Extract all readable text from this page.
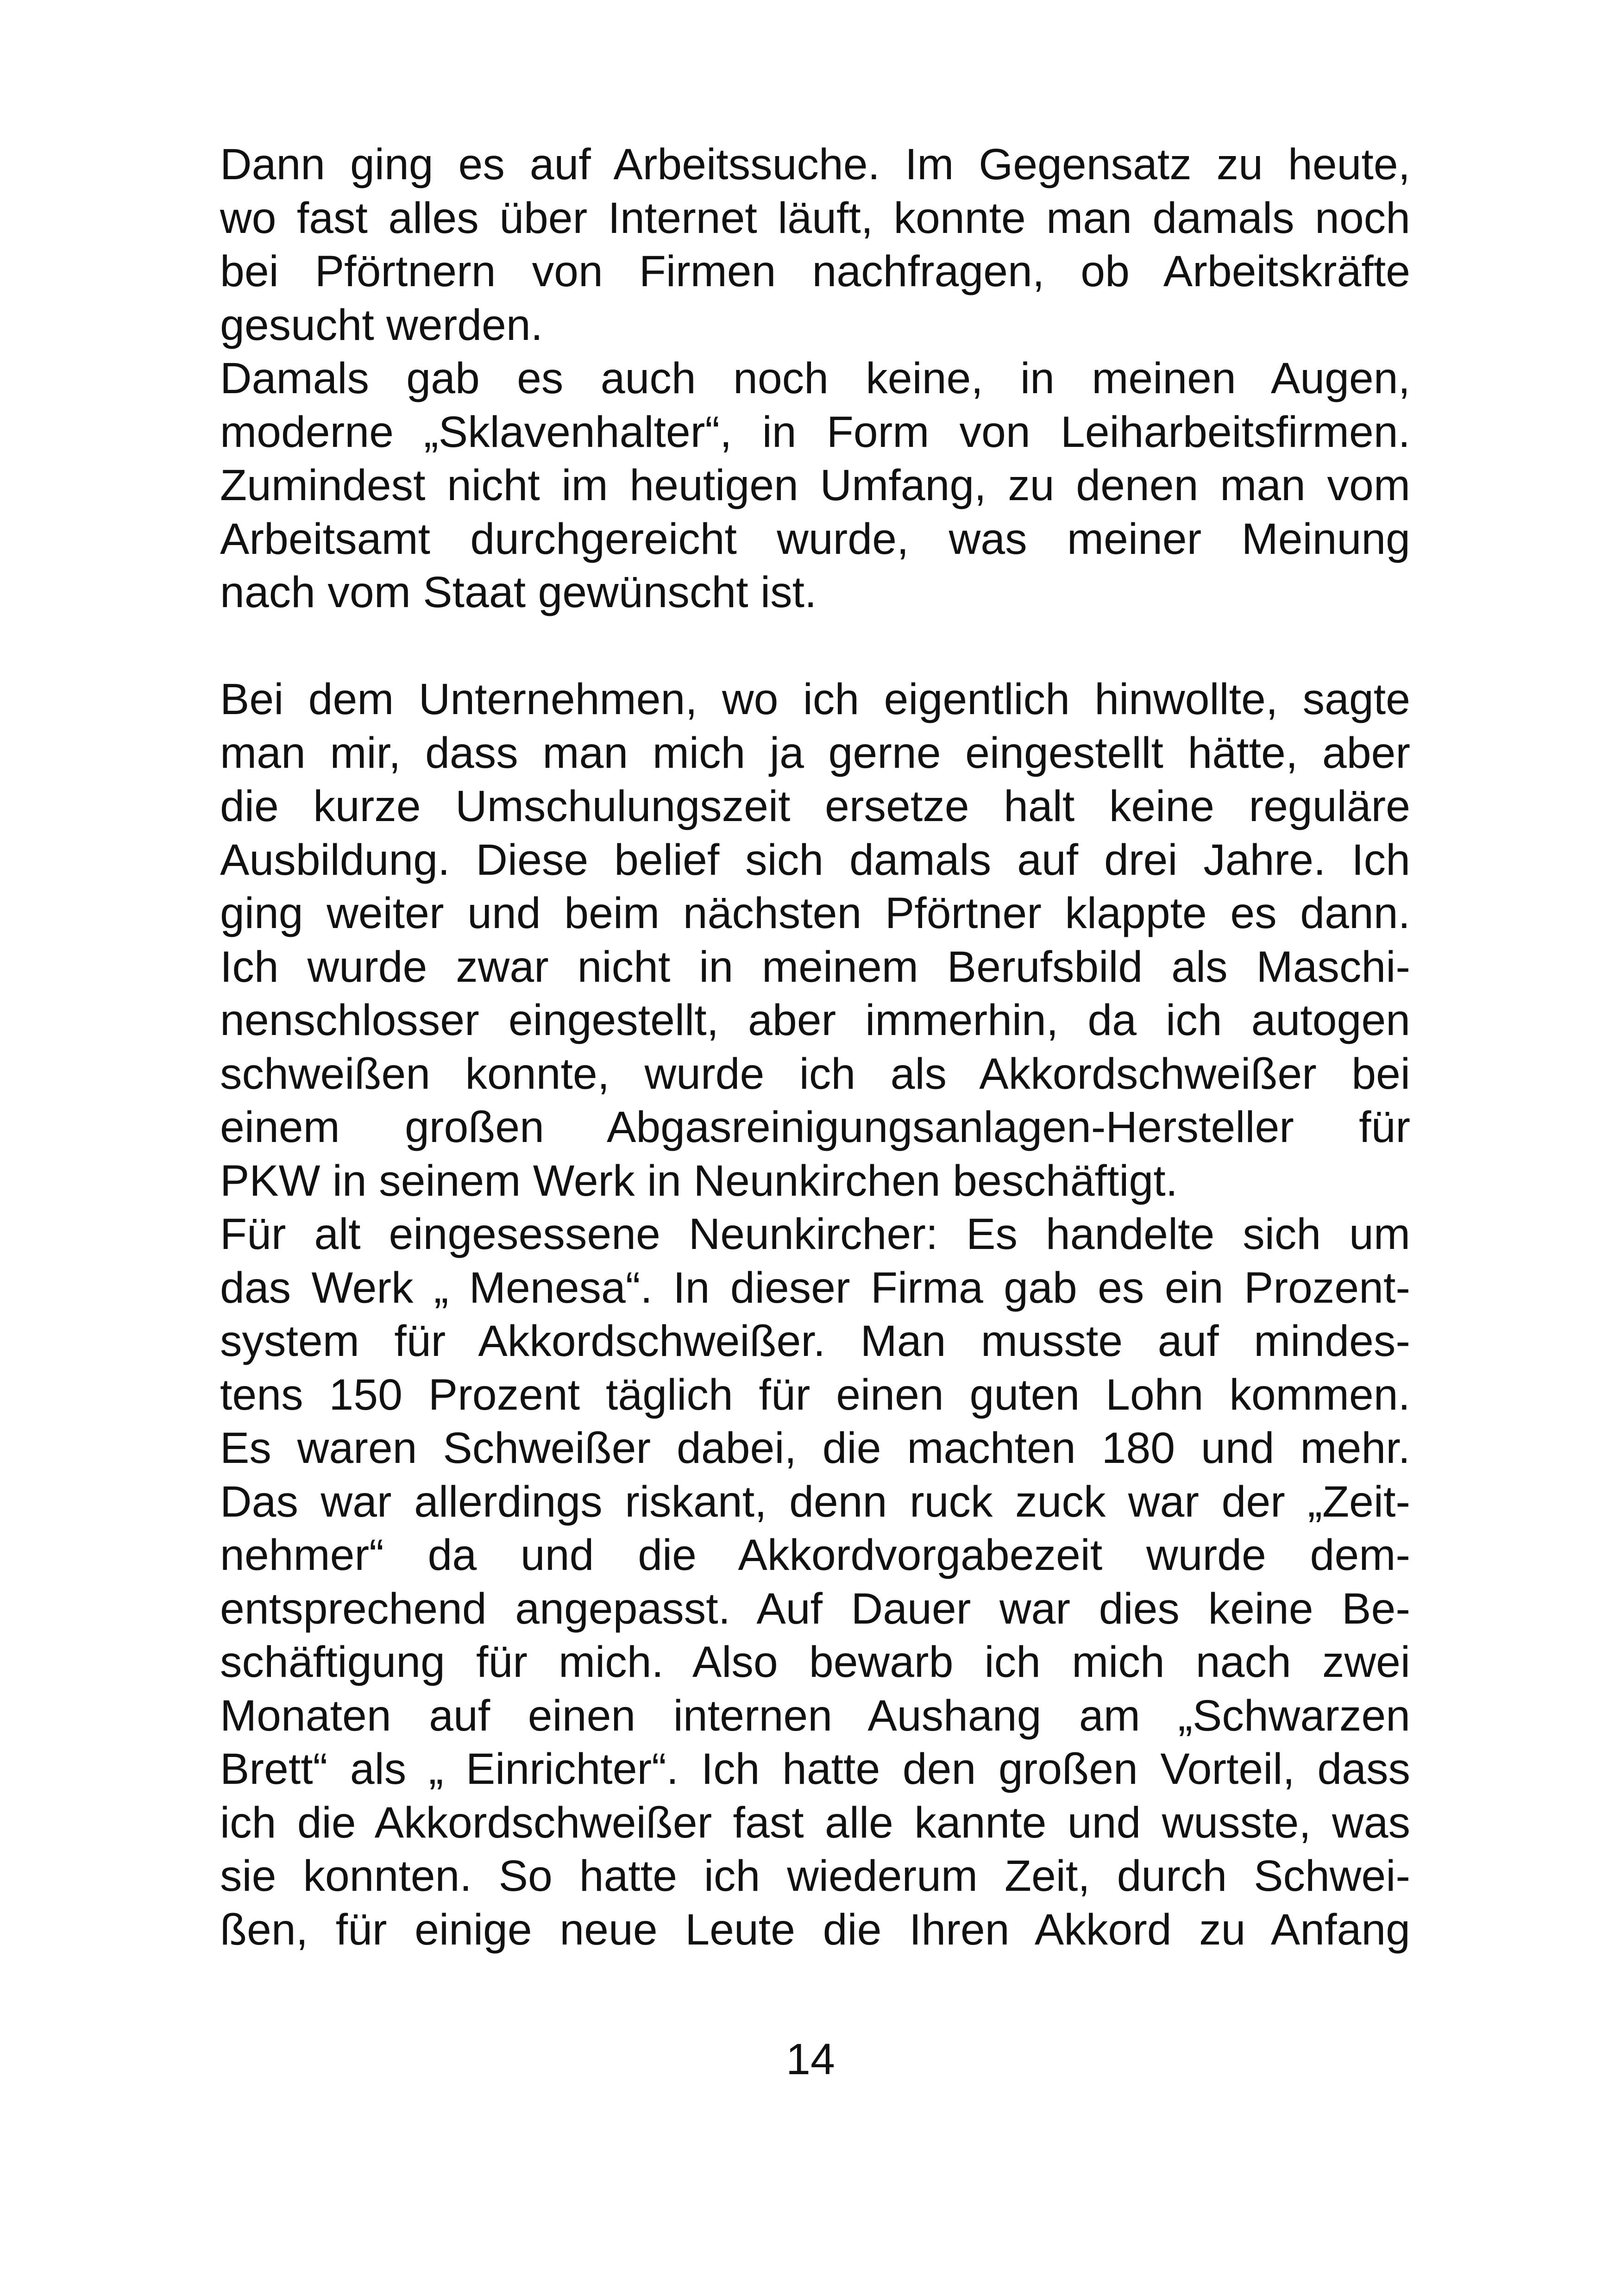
Dann ging es auf Arbeitssuche. Im Gegensatz zu heute,
wo fast alles über Internet läuft, konnte man damals noch
bei Pförtnern von Firmen nachfragen, ob Arbeitskräfte
gesucht werden.
Damals gab es auch noch keine, in meinen Augen,
moderne „Sklavenhalter“, in Form von Leiharbeitsfirmen.
Zumindest nicht im heutigen Umfang, zu denen man vom
Arbeitsamt durchgereicht wurde, was meiner Meinung
nach vom Staat gewünscht ist.
Bei dem Unternehmen, wo ich eigentlich hinwollte, sagte
man mir, dass man mich ja gerne eingestellt hätte, aber
die kurze Umschulungszeit ersetze halt keine reguläre
Ausbildung. Diese belief sich damals auf drei Jahre. Ich
ging weiter und beim nächsten Pförtner klappte es dann.
Ich wurde zwar nicht in meinem Berufsbild als Maschi-
nenschlosser eingestellt, aber immerhin, da ich autogen
schweißen konnte, wurde ich als Akkordschweißer bei
einem großen Abgasreinigungsanlagen-Hersteller für
PKW in seinem Werk in Neunkirchen beschäftigt.
Für alt eingesessene Neunkircher: Es handelte sich um
das Werk „ Menesa“. In dieser Firma gab es ein Prozent-
system für Akkordschweißer. Man musste auf mindes-
tens 150 Prozent täglich für einen guten Lohn kommen.
Es waren Schweißer dabei, die machten 180 und mehr.
Das war allerdings riskant, denn ruck zuck war der „Zeit-
nehmer“ da und die Akkordvorgabezeit wurde dem-
entsprechend angepasst. Auf Dauer war dies keine Be-
schäftigung für mich. Also bewarb ich mich nach zwei
Monaten auf einen internen Aushang am „Schwarzen
Brett“ als „ Einrichter“. Ich hatte den großen Vorteil, dass
ich die Akkordschweißer fast alle kannte und wusste, was
sie konnten. So hatte ich wiederum Zeit, durch Schwei-
ßen, für einige neue Leute die Ihren Akkord zu Anfang
14
